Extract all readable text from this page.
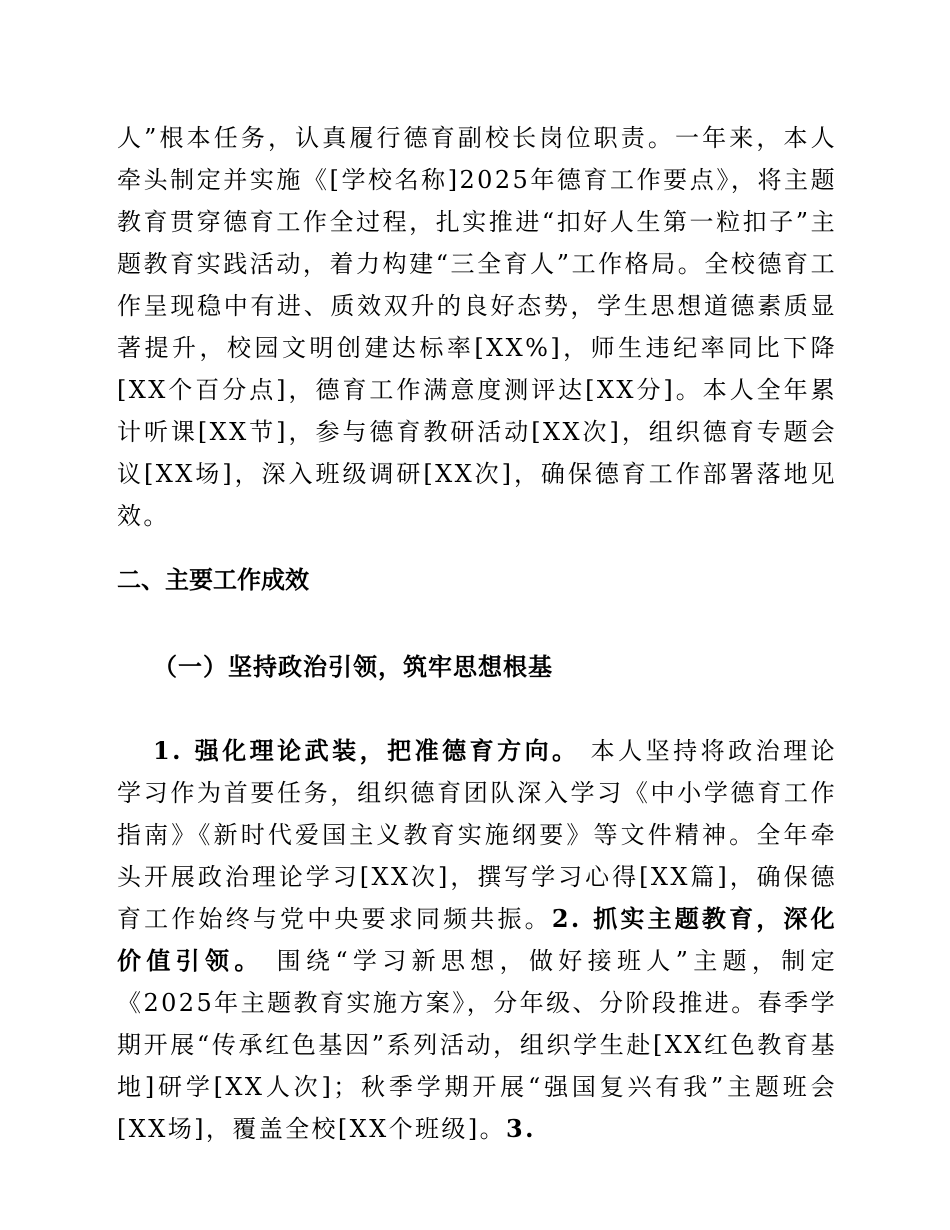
人”根本任务，认真履行德育副校长岗位职责。一年来，本人牵头制定并实施《[学校名称]2025年德育工作要点》，将主题教育贯穿德育工作全过程，扎实推进“扣好人生第一粒扣子”主题教育实践活动，着力构建“三全育人”工作格局。全校德育工作呈现稳中有进、质效双升的良好态势，学生思想道德素质显著提升，校园文明创建达标率[XX%]，师生违纪率同比下降[XX个百分点]，德育工作满意度测评达[XX分]。本人全年累计听课[XX节]，参与德育教研活动[XX次]，组织德育专题会议[XX场]，深入班级调研[XX次]，确保德育工作部署落地见效。

二、主要工作成效
（一）坚持政治引领，筑牢思想根基

1. 强化理论武装，把准德育方向。 本人坚持将政治理论学习作为首要任务，组织德育团队深入学习《中小学德育工作指南》《新时代爱国主义教育实施纲要》等文件精神。全年牵头开展政治理论学习[XX次]，撰写学习心得[XX篇]，确保德育工作始终与党中央要求同频共振。2. 抓实主题教育，深化价值引领。 围绕“学习新思想，做好接班人”主题，制定《2025年主题教育实施方案》，分年级、分阶段推进。春季学期开展“传承红色基因”系列活动，组织学生赴[XX红色教育基地]研学[XX人次]；秋季学期开展“强国复兴有我”主题班会[XX场]，覆盖全校[XX个班级]。3.
